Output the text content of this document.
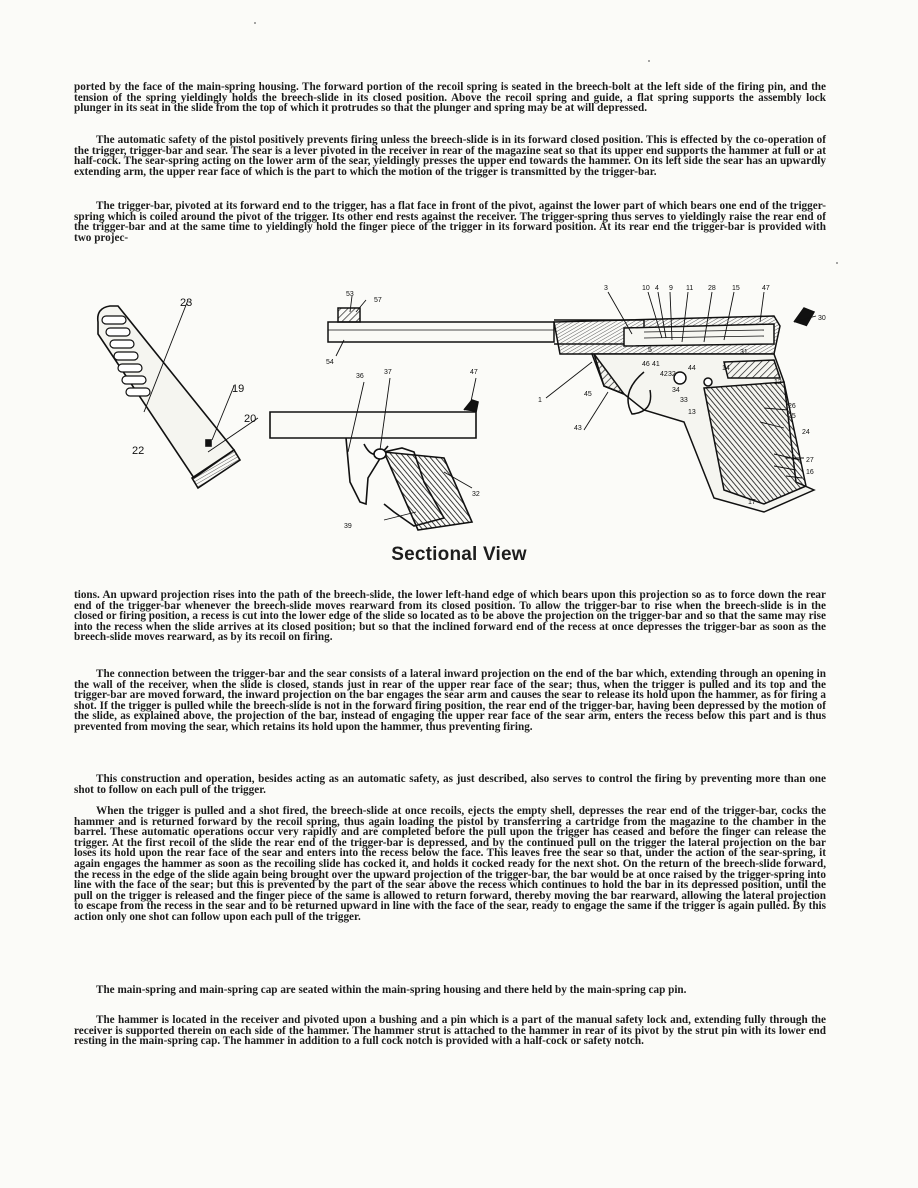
ported by the face of the main-spring housing. The forward portion of the recoil spring is seated in the breech-bolt at the left side of the firing pin, and the tension of the spring yieldingly holds the breech-slide in its closed position. Above the recoil spring and guide, a flat spring supports the assembly lock plunger in its seat in the slide from the top of which it protrudes so that the plunger and spring may be at will depressed.

The automatic safety of the pistol positively prevents firing unless the breech-slide is in its forward closed position. This is effected by the co-operation of the trigger, trigger-bar and sear. The sear is a lever pivoted in the receiver in rear of the magazine seat so that its upper end supports the hammer at full or at half-cock. The sear-spring acting on the lower arm of the sear, yieldingly presses the upper end towards the hammer. On its left side the sear has an upwardly extending arm, the upper rear face of which is the part to which the motion of the trigger is transmitted by the trigger-bar.

The trigger-bar, pivoted at its forward end to the trigger, has a flat face in front of the pivot, against the lower part of which bears one end of the trigger-spring which is coiled around the pivot of the trigger. Its other end rests against the receiver. The trigger-spring thus serves to yieldingly raise the rear end of the trigger-bar and at the same time to yieldingly hold the finger piece of the trigger in its forward position. At its rear end the trigger-bar is provided with two projec-

23
19
20
22
53
57
54
36
37	47
32
39
3	10 4 9 11 28 15	47
30
5	31
46 41
44
42 32
14
12
34
33
13
45
1
43
26
25
24
27
16
17
Sectional View

tions. An upward projection rises into the path of the breech-slide, the lower left-hand edge of which bears upon this projection so as to force down the rear end of the trigger-bar whenever the breech-slide moves rearward from its closed position. To allow the trigger-bar to rise when the breech-slide is in the closed or firing position, a recess is cut into the lower edge of the slide so located as to be above the projection on the trigger-bar and so that the same may rise into the recess when the slide arrives at its closed position; but so that the inclined forward end of the recess at once depresses the trigger-bar as soon as the breech-slide moves rearward, as by its recoil on firing.

The connection between the trigger-bar and the sear consists of a lateral inward projection on the end of the bar which, extending through an opening in the wall of the receiver, when the slide is closed, stands just in rear of the upper rear face of the sear; thus, when the trigger is pulled and its top and the trigger-bar are moved forward, the inward projection on the bar engages the sear arm and causes the sear to release its hold upon the hammer, as for firing a shot. If the trigger is pulled while the breech-slide is not in the forward firing position, the rear end of the trigger-bar, having been depressed by the motion of the slide, as explained above, the projection of the bar, instead of engaging the upper rear face of the sear arm, enters the recess below this part and is thus prevented from moving the sear, which retains its hold upon the hammer, thus preventing firing.

This construction and operation, besides acting as an automatic safety, as just described, also serves to control the firing by preventing more than one shot to follow on each pull of the trigger.

When the trigger is pulled and a shot fired, the breech-slide at once recoils, ejects the empty shell, depresses the rear end of the trigger-bar, cocks the hammer and is returned forward by the recoil spring, thus again loading the pistol by transferring a cartridge from the magazine to the chamber in the barrel. These automatic operations occur very rapidly and are completed before the pull upon the trigger has ceased and before the finger can release the trigger. At the first recoil of the slide the rear end of the trigger-bar is depressed, and by the continued pull on the trigger the lateral projection on the bar loses its hold upon the rear face of the sear and enters into the recess below the face. This leaves free the sear so that, under the action of the sear-spring, it again engages the hammer as soon as the recoiling slide has cocked it, and holds it cocked ready for the next shot. On the return of the breech-slide forward, the recess in the edge of the slide again being brought over the upward projection of the trigger-bar, the bar would be at once raised by the trigger-spring into line with the face of the sear; but this is prevented by the part of the sear above the recess which continues to hold the bar in its depressed position, until the pull on the trigger is released and the finger piece of the same is allowed to return forward, thereby moving the bar rearward, allowing the lateral projection to escape from the recess in the sear and to be returned upward in line with the face of the sear, ready to engage the same if the trigger is again pulled. By this action only one shot can follow upon each pull of the trigger.

The main-spring and main-spring cap are seated within the main-spring housing and there held by the main-spring cap pin.

The hammer is located in the receiver and pivoted upon a bushing and a pin which is a part of the manual safety lock and, extending fully through the receiver is supported therein on each side of the hammer. The hammer strut is attached to the hammer in rear of its pivot by the strut pin with its lower end resting in the main-spring cap. The hammer in addition to a full cock notch is provided with a half-cock or safety notch.
